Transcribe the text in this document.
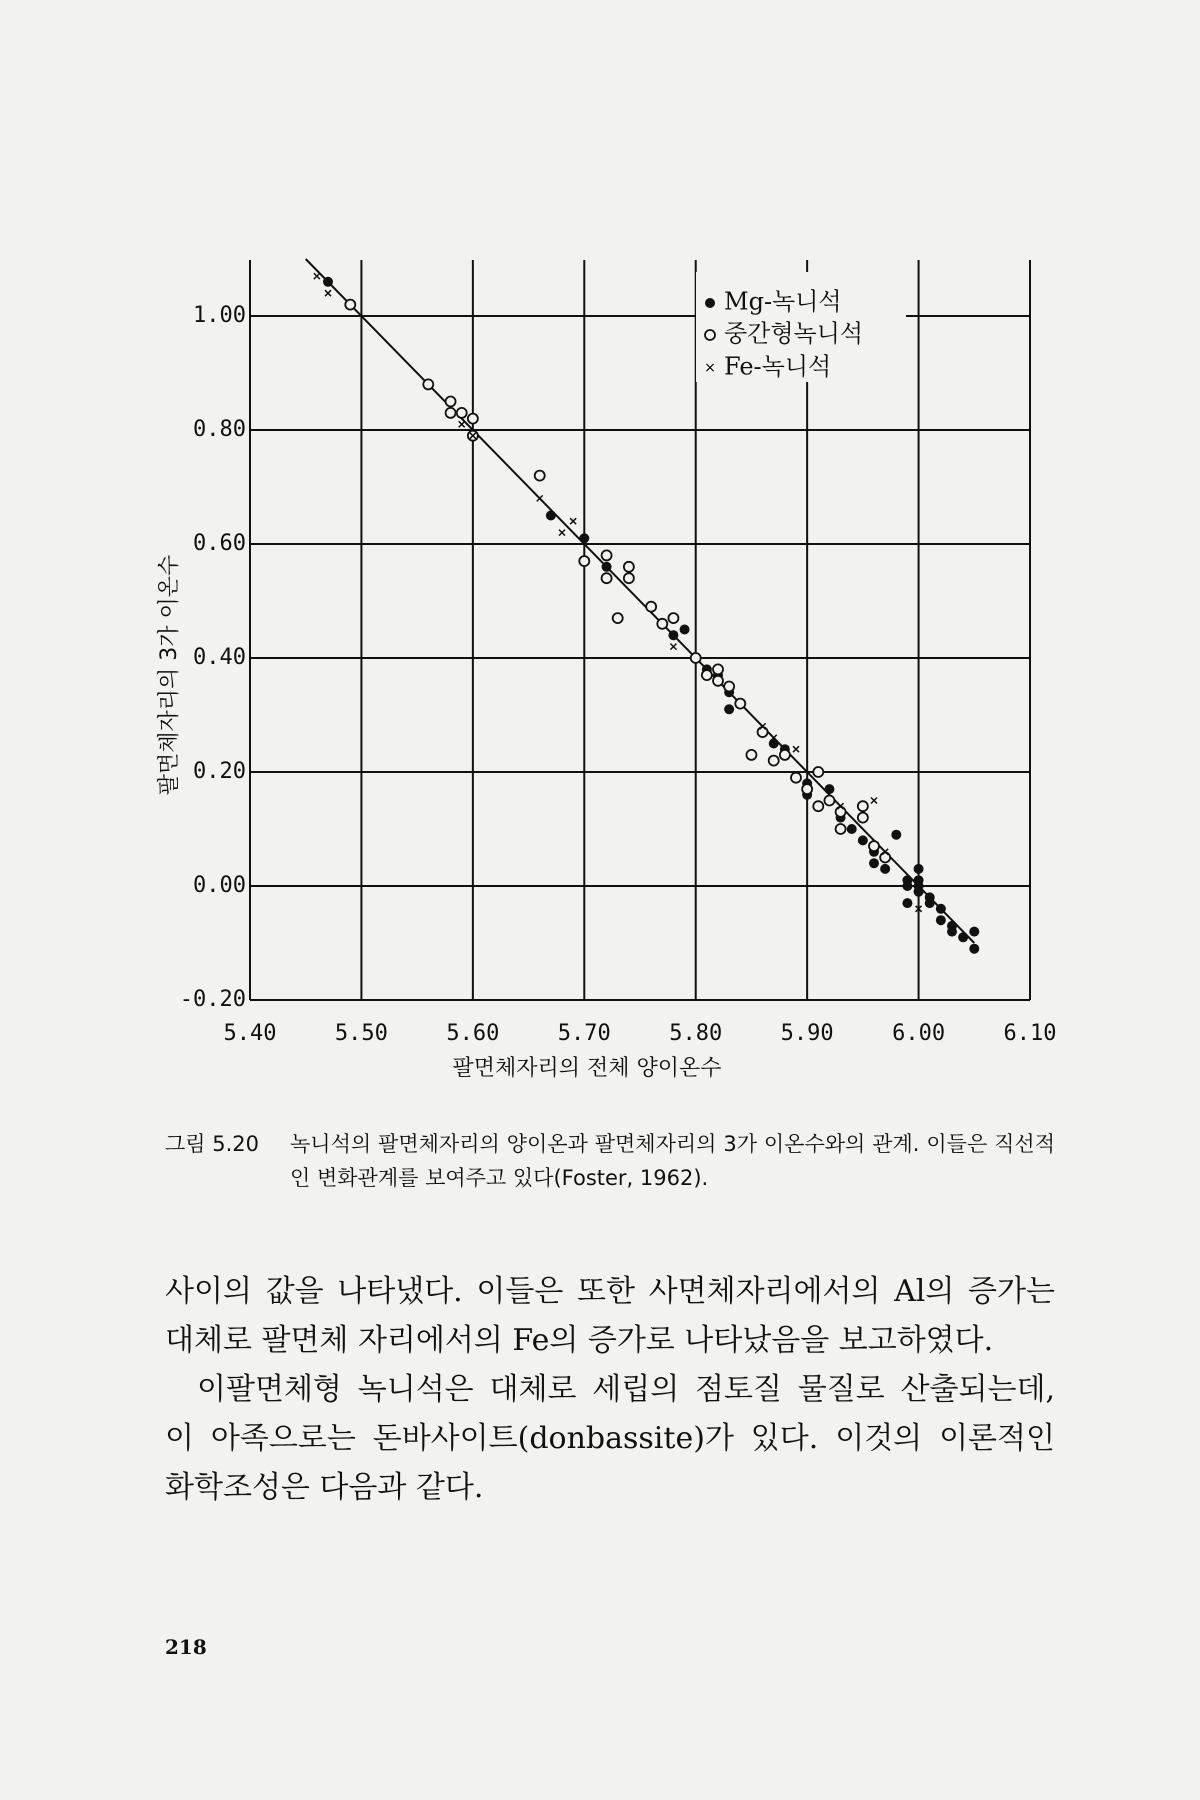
5.40	5.50	5.60	5.70	5.80	5.90	6.00	6.10
1.00
0.80
0.60
0.40
0.20
0.00
-0.20
Mg-녹니석
중간형녹니석
× Fe-녹니석
팔면체자리의 전체 양이온수
팔면체자리의 3가 이온수
그림 5.20	녹니석의 팔면체자리의 양이온과 팔면체자리의 3가 이온수와의 관계. 이들은 직선적인 변화관계를 보여주고 있다(Foster, 1962).

사이의 값을 나타냈다. 이들은 또한 사면체자리에서의 Al의 증가는 대체로 팔면체 자리에서의 Fe의 증가로 나타났음을 보고하였다.

이팔면체형 녹니석은 대체로 세립의 점토질 물질로 산출되는데, 이 아족으로는 돈바사이트(donbassite)가 있다. 이것의 이론적인 화학조성은 다음과 같다.

218
